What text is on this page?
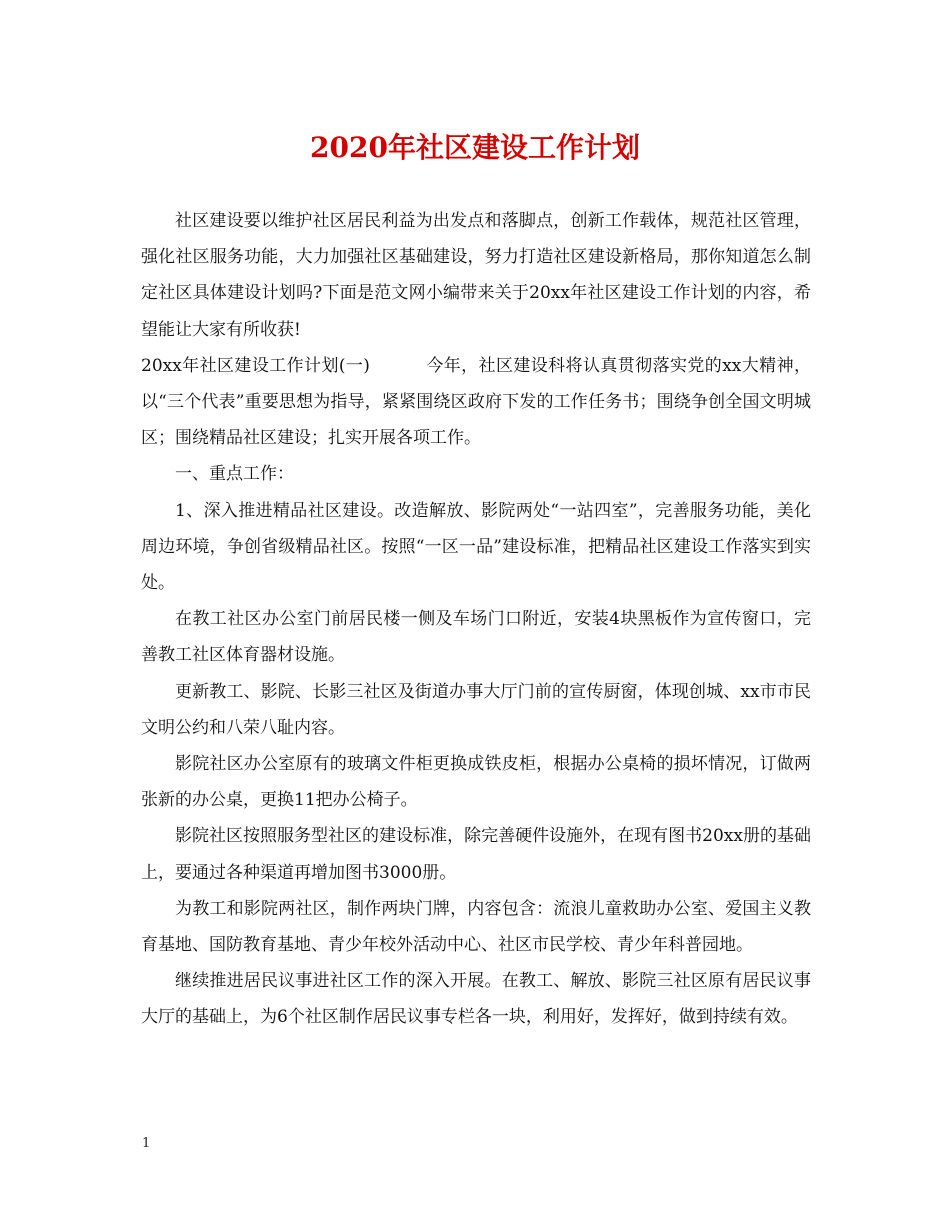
2020年社区建设工作计划

社区建设要以维护社区居民利益为出发点和落脚点，创新工作载体，规范社区管理，强化社区服务功能，大力加强社区基础建设，努力打造社区建设新格局，那你知道怎么制定社区具体建设计划吗?下面是范文网小编带来关于20xx年社区建设工作计划的内容，希望能让大家有所收获!

20xx年社区建设工作计划(一)	今年，社区建设科将认真贯彻落实党的xx大精神，以“三个代表”重要思想为指导，紧紧围绕区政府下发的工作任务书；围绕争创全国文明城区；围绕精品社区建设；扎实开展各项工作。

一、重点工作：

1、深入推进精品社区建设。改造解放、影院两处“一站四室”，完善服务功能，美化周边环境，争创省级精品社区。按照“一区一品”建设标准，把精品社区建设工作落实到实处。

在教工社区办公室门前居民楼一侧及车场门口附近，安装4块黑板作为宣传窗口，完善教工社区体育器材设施。

更新教工、影院、长影三社区及街道办事大厅门前的宣传厨窗，体现创城、xx市市民文明公约和八荣八耻内容。

影院社区办公室原有的玻璃文件柜更换成铁皮柜，根据办公桌椅的损坏情况，订做两张新的办公桌，更换11把办公椅子。

影院社区按照服务型社区的建设标准，除完善硬件设施外，在现有图书20xx册的基础上，要通过各种渠道再增加图书3000册。

为教工和影院两社区，制作两块门牌，内容包含：流浪儿童救助办公室、爱国主义教育基地、国防教育基地、青少年校外活动中心、社区市民学校、青少年科普园地。

继续推进居民议事进社区工作的深入开展。在教工、解放、影院三社区原有居民议事大厅的基础上，为6个社区制作居民议事专栏各一块，利用好，发挥好，做到持续有效。

1
